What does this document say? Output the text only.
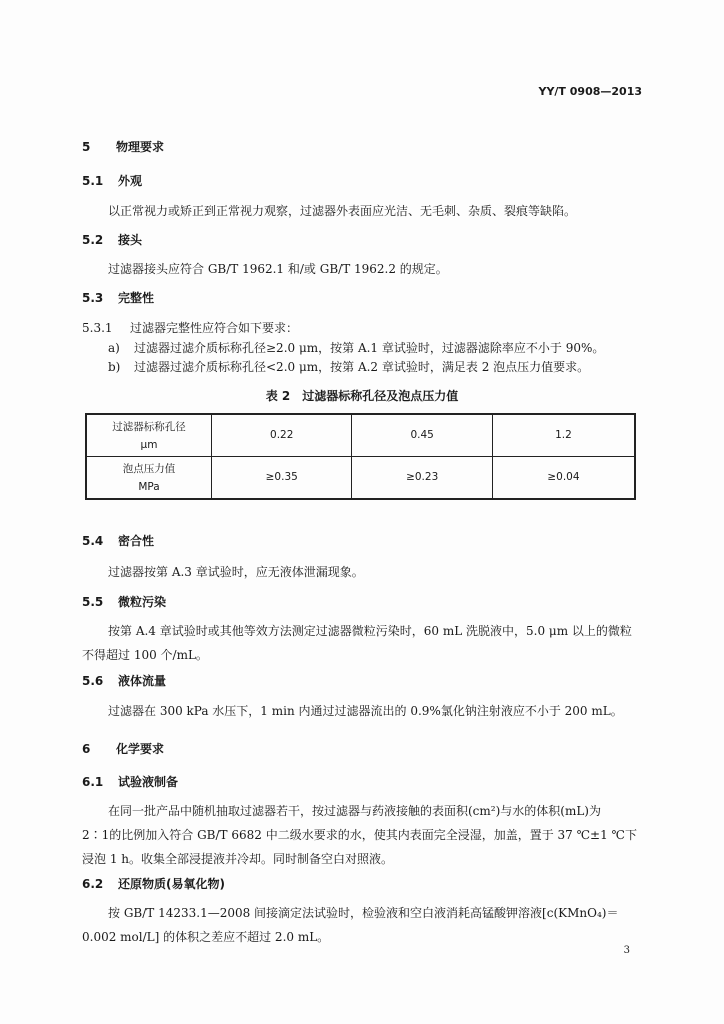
YY/T 0908—2013
5 物理要求
5.1 外观
以正常视力或矫正到正常视力观察，过滤器外表面应光洁、无毛刺、杂质、裂痕等缺陷。
5.2 接头
过滤器接头应符合 GB/T 1962.1 和/或 GB/T 1962.2 的规定。
5.3 完整性
5.3.1 过滤器完整性应符合如下要求：
a) 过滤器过滤介质标称孔径≥2.0 μm，按第 A.1 章试验时，过滤器滤除率应不小于 90%。
b) 过滤器过滤介质标称孔径<2.0 μm，按第 A.2 章试验时，满足表 2 泡点压力值要求。
表 2　过滤器标称孔径及泡点压力值
过滤器标称孔径
μm	0.22	0.45	1.2

泡点压力值
MPa	≥0.35	≥0.23	≥0.04
5.4 密合性
过滤器按第 A.3 章试验时，应无液体泄漏现象。
5.5 微粒污染
按第 A.4 章试验时或其他等效方法测定过滤器微粒污染时，60 mL 洗脱液中，5.0 μm 以上的微粒
不得超过 100 个/mL。
5.6 液体流量
过滤器在 300 kPa 水压下，1 min 内通过过滤器流出的 0.9%氯化钠注射液应不小于 200 mL。
6 化学要求
6.1 试验液制备
在同一批产品中随机抽取过滤器若干，按过滤器与药液接触的表面积(cm²)与水的体积(mL)为
2∶1的比例加入符合 GB/T 6682 中二级水要求的水，使其内表面完全浸湿，加盖，置于 37 ℃±1 ℃下
浸泡 1 h。收集全部浸提液并冷却。同时制备空白对照液。
6.2 还原物质(易氧化物)
按 GB/T 14233.1—2008 间接滴定法试验时，检验液和空白液消耗高锰酸钾溶液[c(KMnO₄)＝
0.002 mol/L] 的体积之差应不超过 2.0 mL。
3
